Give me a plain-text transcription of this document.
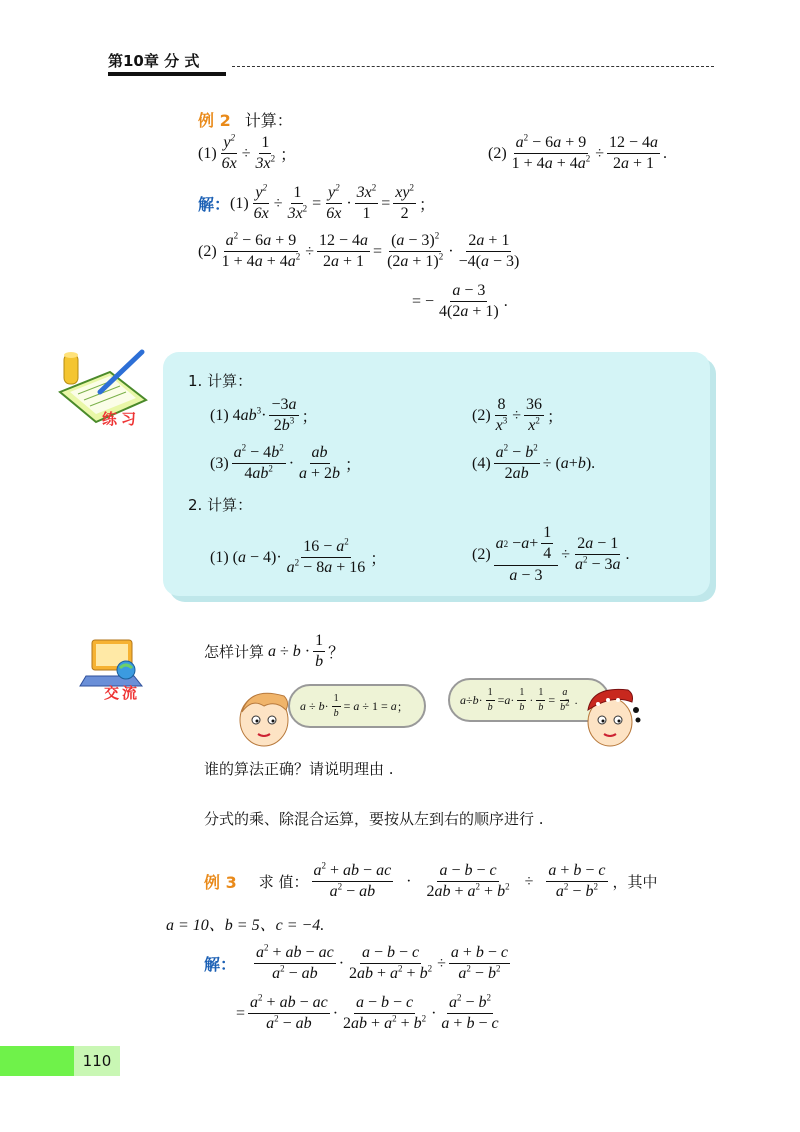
第10章 分 式
例 2 计算：
$(1) \frac{y^2}{6x} \div \frac{1}{3x^2}$ ；	$(2) \frac{a^2 - 6a + 9}{1 + 4a + 4a^2} \div \frac{12 - 4a}{2a + 1}$ .
解： $(1) \frac{y^2}{6x} \div \frac{1}{3x^2} = \frac{y^2}{6x} \cdot \frac{3x^2}{1} = \frac{xy^2}{2}$ ；
$(2) \frac{a^2 - 6a + 9}{1 + 4a + 4a^2} \div \frac{12 - 4a}{2a + 1} = \frac{(a - 3)^2}{(2a + 1)^2} \cdot \frac{2a + 1}{-4(a - 3)}$
= − $\frac{a - 3}{4(2a + 1)}$ .
练习
1. 计算：
(1) $4ab^3 \cdot \frac{-3a}{2b^3}$ ；	$(2) \frac{8}{x^3} \div \frac{36}{x^2}$ ；
$(3) \frac{a^2 - 4b^2}{4ab^2} \cdot \frac{ab}{a + 2b}$ ；	$(4) \frac{a^2 - b^2}{2ab}$ ÷ ( a + b ).
2. 计算：
(1) $(a - 4) \cdot \frac{16 - a^2}{a^2 - 8a + 16}$ ；	$(2) \frac{a 2 - a + \frac{1}{4}}{a - 3} \div \frac{2a - 1}{a^2 - 3a}$ .
交流
怎样计算 $a \div b \cdot \frac{1}{b}$ ？
$a \div b \cdot \frac{1}{b} = a \div 1 = a$ ；	$a \div b \cdot \frac{1}{b} = a \cdot \frac{1}{b} \cdot \frac{1}{b} = \frac{a}{b^2}$ .
谁的算法正确？请说明理由 .
分式的乘、除混合运算，要按从左到右的顺序进行 .
例 3 求 值： $\frac{a^2 + ab - ac}{a^2 - ab} \cdot \frac{a - b - c}{2ab + a^2 + b^2} \div \frac{a + b - c}{a^2 - b^2}$ ，其中
a = 10、b = 5、c = −4.
解： $\frac{a^2 + ab - ac}{a^2 - ab} \cdot \frac{a - b - c}{2ab + a^2 + b^2} \div \frac{a + b - c}{a^2 - b^2}$
= $\frac{a^2 + ab - ac}{a^2 - ab} \cdot \frac{a - b - c}{2ab + a^2 + b^2} \cdot \frac{a^2 - b^2}{a + b - c}$
110
